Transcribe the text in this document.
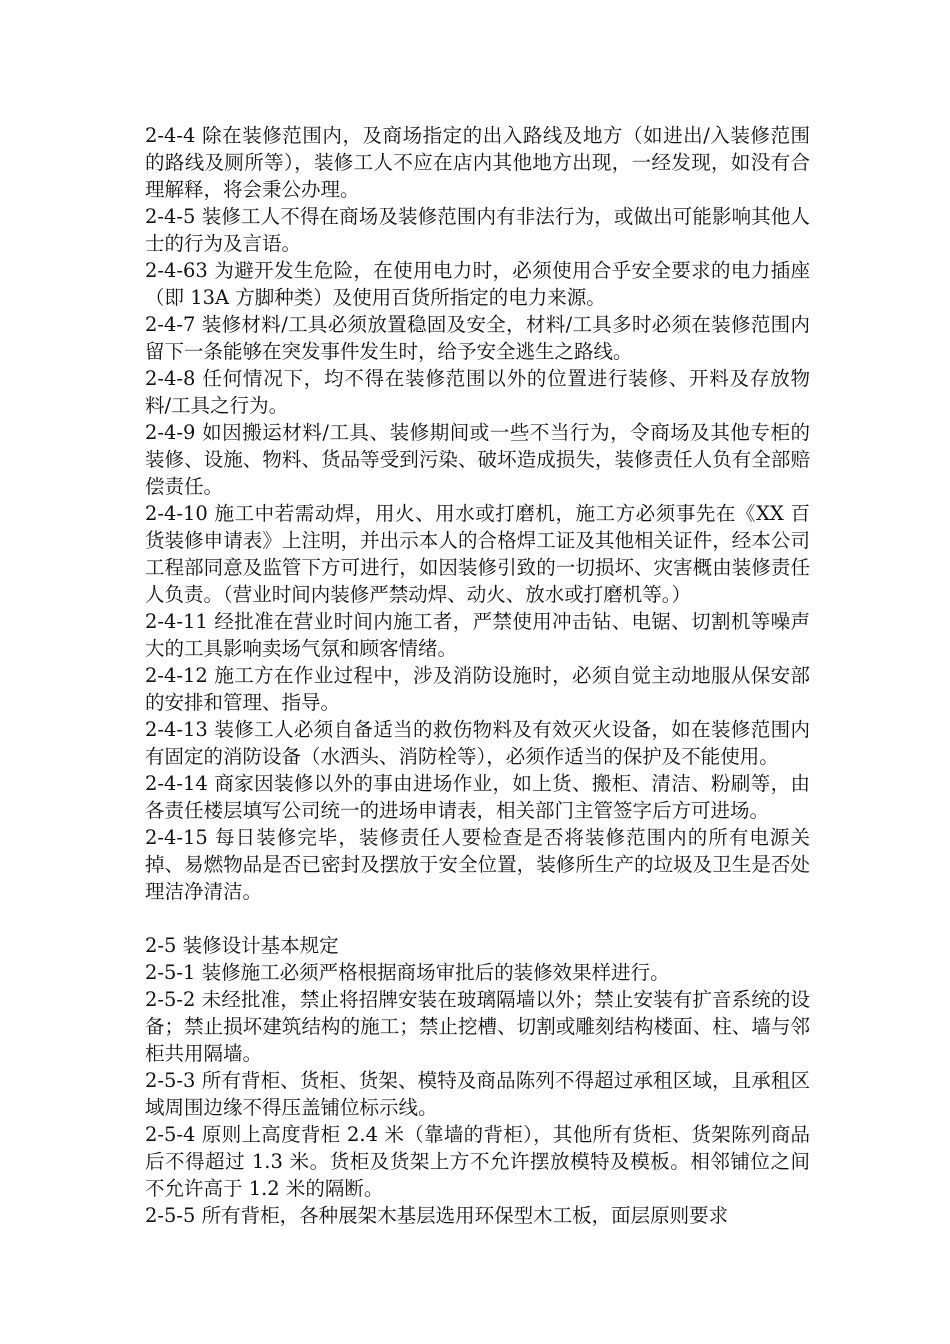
2-4-4 除在装修范围内，及商场指定的出入路线及地方（如进出/入装修范围的路线及厕所等），装修工人不应在店内其他地方出现，一经发现，如没有合理解释，将会秉公办理。

2-4-5 装修工人不得在商场及装修范围内有非法行为，或做出可能影响其他人士的行为及言语。

2-4-63 为避开发生危险，在使用电力时，必须使用合乎安全要求的电力插座（即 13A 方脚种类）及使用百货所指定的电力来源。

2-4-7 装修材料/工具必须放置稳固及安全，材料/工具多时必须在装修范围内留下一条能够在突发事件发生时，给予安全逃生之路线。

2-4-8 任何情况下，均不得在装修范围以外的位置进行装修、开料及存放物料/工具之行为。

2-4-9 如因搬运材料/工具、装修期间或一些不当行为，令商场及其他专柜的装修、设施、物料、货品等受到污染、破坏造成损失，装修责任人负有全部赔偿责任。

2-4-10 施工中若需动焊，用火、用水或打磨机，施工方必须事先在《XX 百货装修申请表》上注明，并出示本人的合格焊工证及其他相关证件，经本公司工程部同意及监管下方可进行，如因装修引致的一切损坏、灾害概由装修责任人负责。（营业时间内装修严禁动焊、动火、放水或打磨机等。）

2-4-11 经批准在营业时间内施工者，严禁使用冲击钻、电锯、切割机等噪声大的工具影响卖场气氛和顾客情绪。

2-4-12 施工方在作业过程中，涉及消防设施时，必须自觉主动地服从保安部的安排和管理、指导。

2-4-13 装修工人必须自备适当的救伤物料及有效灭火设备，如在装修范围内有固定的消防设备（水洒头、消防栓等），必须作适当的保护及不能使用。

2-4-14 商家因装修以外的事由进场作业，如上货、搬柜、清洁、粉刷等，由各责任楼层填写公司统一的进场申请表，相关部门主管签字后方可进场。

2-4-15 每日装修完毕，装修责任人要检查是否将装修范围内的所有电源关掉、易燃物品是否已密封及摆放于安全位置，装修所生产的垃圾及卫生是否处理洁净清洁。

2-5 装修设计基本规定

2-5-1 装修施工必须严格根据商场审批后的装修效果样进行。

2-5-2 未经批准，禁止将招牌安装在玻璃隔墙以外；禁止安装有扩音系统的设备；禁止损坏建筑结构的施工；禁止挖槽、切割或雕刻结构楼面、柱、墙与邻柜共用隔墙。

2-5-3 所有背柜、货柜、货架、模特及商品陈列不得超过承租区域，且承租区域周围边缘不得压盖铺位标示线。

2-5-4 原则上高度背柜 2.4 米（靠墙的背柜），其他所有货柜、货架陈列商品后不得超过 1.3 米。货柜及货架上方不允许摆放模特及模板。相邻铺位之间不允许高于 1.2 米的隔断。

2-5-5 所有背柜，各种展架木基层选用环保型木工板，面层原则要求
